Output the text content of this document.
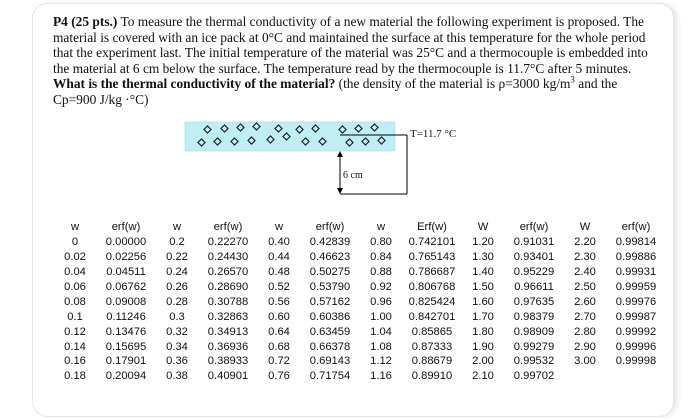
P4 (25 pts.) To measure the thermal conductivity of a new material the following experiment is proposed. The material is covered with an ice pack at 0°C and maintained the surface at this temperature for the whole period that the experiment last. The initial temperature of the material was 25°C and a thermocouple is embedded into the material at 6 cm below the surface. The temperature read by the thermocouple is 11.7°C after 5 minutes. What is the thermal conductivity of the material? (the density of the material is ρ=3000 $kg/m^3$ and the Cp=900 J/kg ·°C)

T=11.7 °C
6 cm
w	erf(w)	w	erf(w)	w	erf(w)	w	Erf(w)	W	erf(w)	W	erf(w)
0	0.00000	0.2	0.22270	0.40	0.42839	0.80	0.742101	1.20	0.91031	2.20	0.99814
0.02	0.02256	0.22	0.24430	0.44	0.46623	0.84	0.765143	1.30	0.93401	2.30	0.99886
0.04	0.04511	0.24	0.26570	0.48	0.50275	0.88	0.786687	1.40	0.95229	2.40	0.99931
0.06	0.06762	0.26	0.28690	0.52	0.53790	0.92	0.806768	1.50	0.96611	2.50	0.99959
0.08	0.09008	0.28	0.30788	0.56	0.57162	0.96	0.825424	1.60	0.97635	2.60	0.99976
0.1	0.11246	0.3	0.32863	0.60	0.60386	1.00	0.842701	1.70	0.98379	2.70	0.99987
0.12	0.13476	0.32	0.34913	0.64	0.63459	1.04	0.85865	1.80	0.98909	2.80	0.99992
0.14	0.15695	0.34	0.36936	0.68	0.66378	1.08	0.87333	1.90	0.99279	2.90	0.99996
0.16	0.17901	0.36	0.38933	0.72	0.69143	1.12	0.88679	2.00	0.99532	3.00	0.99998
0.18	0.20094	0.38	0.40901	0.76	0.71754	1.16	0.89910	2.10	0.99702		
